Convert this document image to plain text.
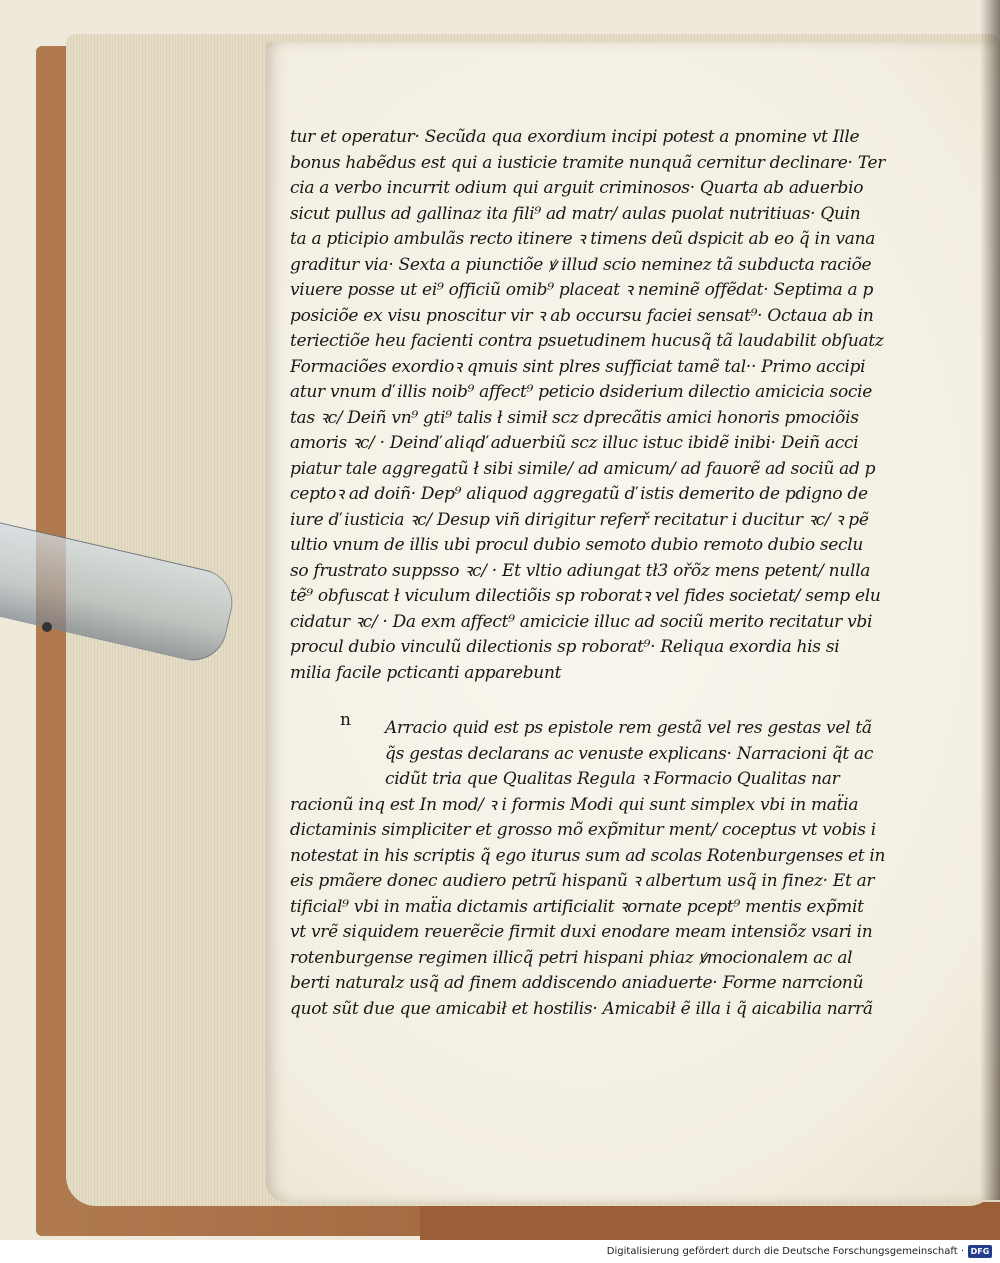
tur et operatur· Secũda qua exordium incipi potest a pnomine vt Ille
bonus habẽdus est qui a iusticie tramite nunquã cernitur declinare· Ter
cia a verbo incurrit odium qui arguit criminosos· Quarta ab aduerbio
sicut pullus ad gallinaz ita fili⁹ ad matr/ aulas puolat nutritiuas· Quin
ta a pticipio ambulãs recto itinere ꝛ timens deũ dspicit ab eo q̃ in vana
graditur via· Sexta a piunctiõe ꝟ illud scio neminez tã subducta raciõe
viuere posse ut ei⁹ officiũ omib⁹ placeat ꝛ neminẽ offẽdat· Septima a p
posiciõe ex visu pnoscitur vir ꝛ ab occursu faciei sensat⁹· Octaua ab in
teriectiõe heu facienti contra psuetudinem hucusq̃ tã laudabilit obſuatz
Formaciões exordioꝛ qmuis sint plres sufficiat tamẽ tal·· Primo accipi
atur vnum ď illis noib⁹ affect⁹ peticio dsiderium dilectio amicicia socie
tas ꝛc/ Deiñ vn⁹ gti⁹ talis ł simił scz dprecãtis amici honoris pmociõis
amoris ꝛc/ · Deinď aliqď aduerbiũ scz illuc istuc ibidẽ inibi· Deiñ acci
piatur tale aggregatũ ł sibi simile/ ad amicum/ ad fauorẽ ad sociũ ad p
ceptoꝛ ad doiñ· Dep⁹ aliquod aggregatũ ď istis demerito de pdigno de
iure ď iusticia ꝛc/ Desup viñ dirigitur referř recitatur i ducitur ꝛc/ ꝛ pẽ
ultio vnum de illis ubi procul dubio semoto dubio remoto dubio seclu
so frustrato suppsso ꝛc/ · Et vltio adiungat tł3 ořõz mens petent/ nulla
tẽ⁹ obfuscat ł viculum dilectiõis sp roboratꝛ vel fides societat/ semp elu
cidatur ꝛc/ · Da exm affect⁹ amicicie illuc ad sociũ merito recitatur vbi
procul dubio vinculũ dilectionis sp roborat⁹· Reliqua exordia his si
milia facile pcticanti apparebunt
Arracio quid est ps epistole rem gestã vel res gestas vel tã
q̃s gestas declarans ac venuste explicans· Narracioni q̃t ac
cidũt tria que Qualitas Regula ꝛ Formacio Qualitas nar
racionũ inq est In mod/ ꝛ i formis Modi qui sunt simplex vbi in maẗia
dictaminis simpliciter et grosso mõ exp̃mitur ment/ coceptus vt vobis i
notestat in his scriptis q̃ ego iturus sum ad scolas Rotenburgenses et in
eis pmãere donec audiero petrũ hispanũ ꝛ albertum usq̃ in finez· Et ar
tificial⁹ vbi in maẗia dictamis artificialit ꝛornate pcept⁹ mentis exp̃mit
vt vrẽ siquidem reuerẽcie firmit duxi enodare meam intensiõz vsari in
rotenburgense regimen illicq̃ petri hispani phiaz ꝟmocionalem ac al
berti naturalz usq̃ ad finem addiscendo aniaduerte· Forme narrcionũ
quot sũt due que amicabił et hostilis· Amicabił ẽ illa i q̃ aicabilia narrã
n
Digitalisierung gefördert durch die Deutsche Forschungsgemeinschaft · DFG
